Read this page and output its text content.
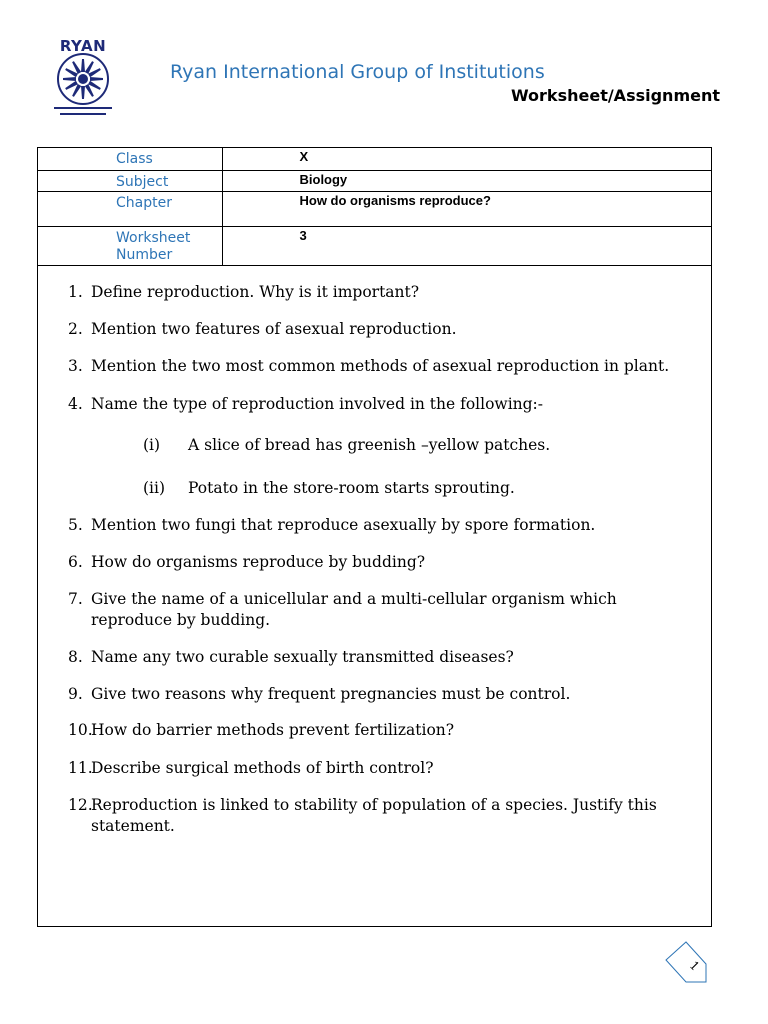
RYAN
Ryan International Group of Institutions
Worksheet/Assignment
Class	X
Subject	Biology
Chapter	How do organisms reproduce?

Worksheet Number	3
1. Define reproduction. Why is it important?
2. Mention two features of asexual reproduction.
3. Mention the two most common methods of asexual reproduction in plant.
4. Name the type of reproduction involved in the following:-
(i) A slice of bread has greenish –yellow patches.
(ii) Potato in the store-room starts sprouting.
5. Mention two fungi that reproduce asexually by spore formation.
6. How do organisms reproduce by budding?
7. Give the name of a unicellular and a multi-cellular organism which reproduce by budding.
8. Name any two curable sexually transmitted diseases?
9. Give two reasons why frequent pregnancies must be control.
10.
How do barrier methods prevent fertilization?
11.
Describe surgical methods of birth control?
12.
Reproduction is linked to stability of population of a species. Justify this statement.
1
